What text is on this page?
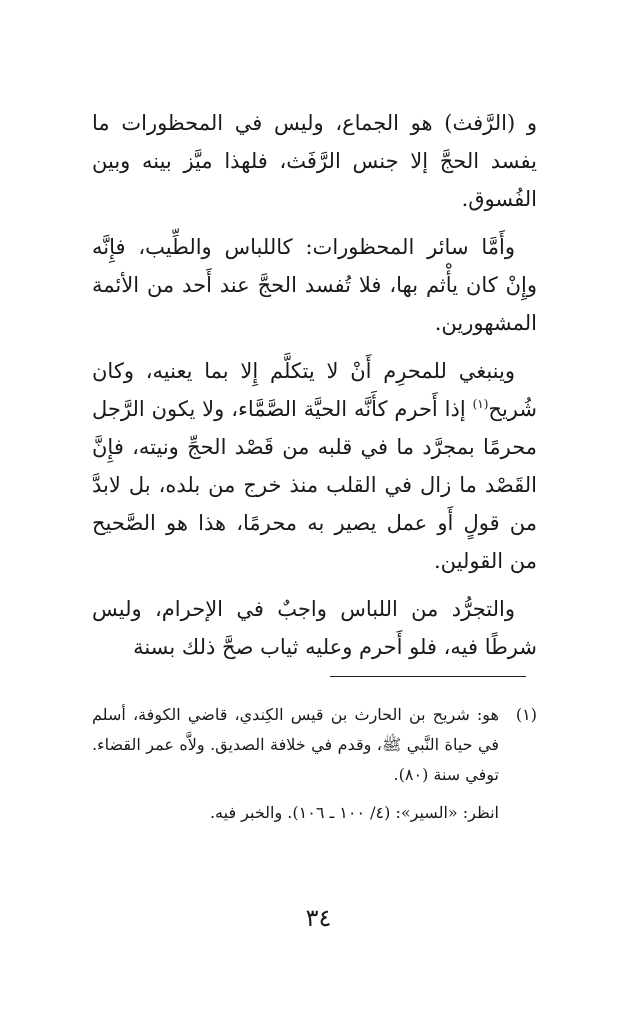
و (الرَّفث) هو الجماع، وليس في المحظورات ما يفسد الحجَّ إلا جنس الرَّفَث، فلهذا ميَّز بينه وبين الفُسوق.

وأَمَّا سائر المحظورات: كاللباس والطِّيب، فإِنَّه وإِنْ كان يأْثم بها، فلا تُفسد الحجَّ عند أَحد من الأئمة المشهورين.

وينبغي للمحرِم أَنْ لا يتكلَّم إِلا بما يعنيه، وكان شُريح$^{(١)}$ إذا أَحرم كأَنَّه الحيَّة الصَّمَّاء، ولا يكون الرَّجل محرمًا بمجرَّد ما في قلبه من قَصْد الحجِّ ونيته، فإِنَّ القَصْد ما زال في القلب منذ خرج من بلده، بل لابدَّ من قولٍ أَو عمل يصير به محرمًا، هذا هو الصَّحيح من القولين.

والتجرُّد من اللباس واجبٌ في الإحرام، وليس شرطًا فيه، فلو أَحرم وعليه ثياب صحَّ ذلك بسنة

(١)
هو: شريح بن الحارث بن قيس الكِندي، قاضي الكوفة، أسلم في حياة النَّبي ﷺ، وقدم في خلافة الصديق. ولاَّه عمر القضاء. توفي سنة (٨٠).
انظر: «السير»: (٤/ ١٠٠ ـ ١٠٦). والخبر فيه.
٣٤
